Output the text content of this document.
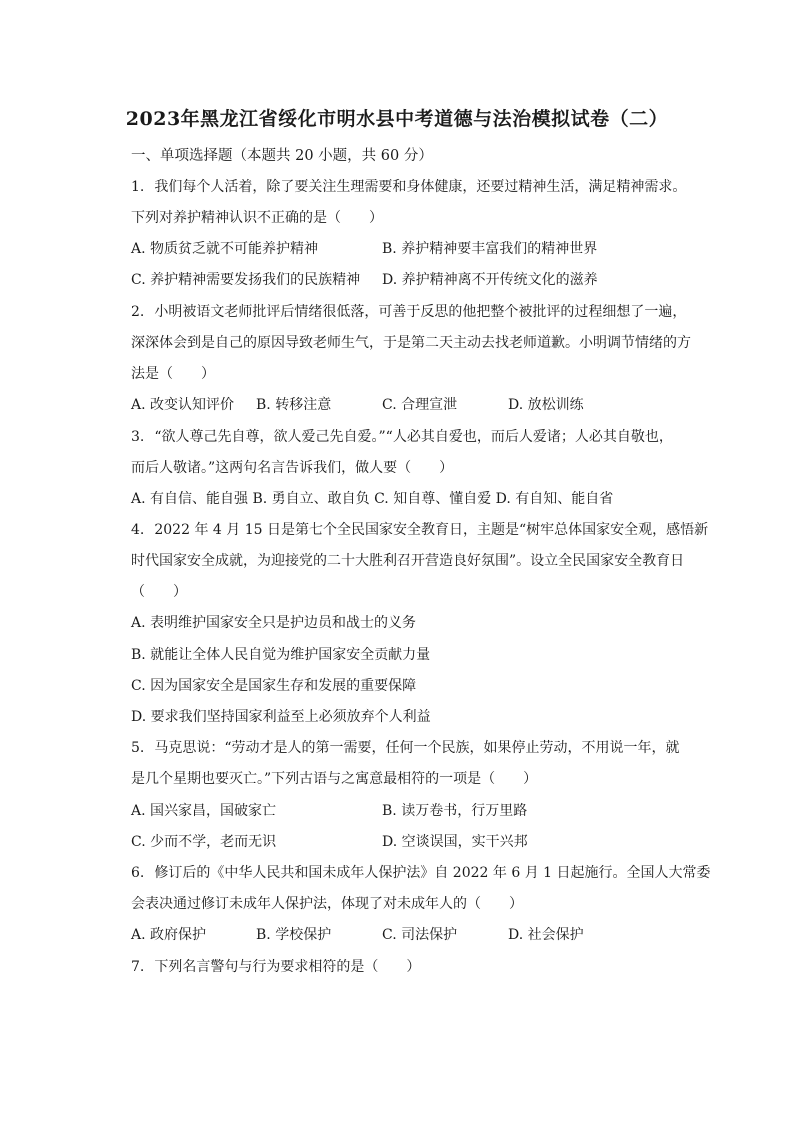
2023年黑龙江省绥化市明水县中考道德与法治模拟试卷（二）
一、单项选择题（本题共 20 小题，共 60 分）
1. 我们每个人活着，除了要关注生理需要和身体健康，还要过精神生活，满足精神需求。
下列对养护精神认识不正确的是（　　）
A. 物质贫乏就不可能养护精神	B. 养护精神要丰富我们的精神世界
C. 养护精神需要发扬我们的民族精神 D. 养护精神离不开传统文化的滋养
2. 小明被语文老师批评后情绪很低落，可善于反思的他把整个被批评的过程细想了一遍，
深深体会到是自己的原因导致老师生气，于是第二天主动去找老师道歉。小明调节情绪的方
法是（　　）
A. 改变认知评价 B. 转移注意	C. 合理宣泄	D. 放松训练
3. “欲人尊己先自尊，欲人爱己先自爱。”“人必其自爱也，而后人爱诸；人必其自敬也，
而后人敬诸。”这两句名言告诉我们，做人要（　　）
A. 有自信、能自强 B. 勇自立、敢自负 C. 知自尊、懂自爱 D. 有自知、能自省
4. 2022 年 4 月 15 日是第七个全民国家安全教育日，主题是“树牢总体国家安全观，感悟新
时代国家安全成就，为迎接党的二十大胜利召开营造良好氛围”。设立全民国家安全教育日
（　　）
A. 表明维护国家安全只是护边员和战士的义务
B. 就能让全体人民自觉为维护国家安全贡献力量
C. 因为国家安全是国家生存和发展的重要保障
D. 要求我们坚持国家利益至上必须放弃个人利益
5. 马克思说：“劳动才是人的第一需要，任何一个民族，如果停止劳动，不用说一年，就
是几个星期也要灭亡。”下列古语与之寓意最相符的一项是（　　）
A. 国兴家昌，国破家亡	B. 读万卷书，行万里路
C. 少而不学，老而无识	D. 空谈误国，实干兴邦
6. 修订后的《中华人民共和国未成年人保护法》自 2022 年 6 月 1 日起施行。全国人大常委
会表决通过修订未成年人保护法，体现了对未成年人的（　　）
A. 政府保护	B. 学校保护	C. 司法保护	D. 社会保护
7. 下列名言警句与行为要求相符的是（　　）
